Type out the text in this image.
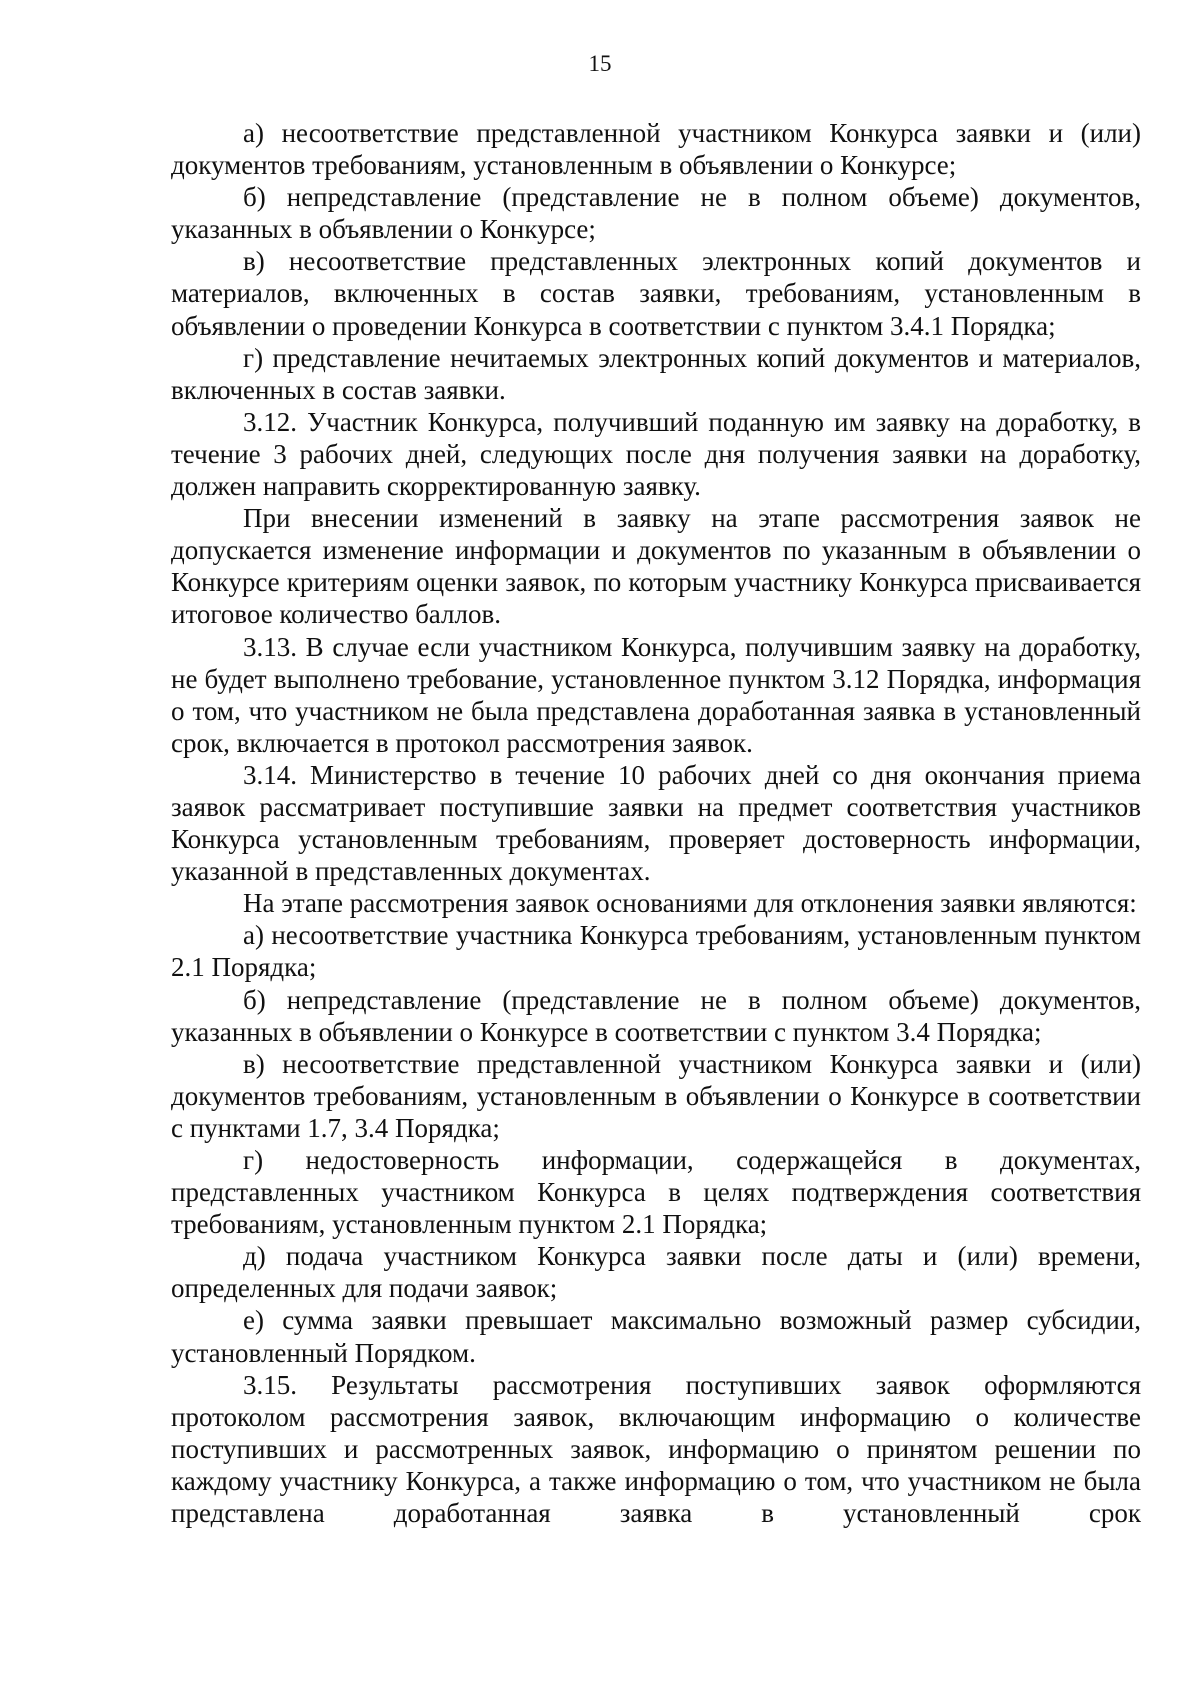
15

а) несоответствие представленной участником Конкурса заявки и (или) документов требованиям, установленным в объявлении о Конкурсе;

б) непредставление (представление не в полном объеме) документов, указанных в объявлении о Конкурсе;

в) несоответствие представленных электронных копий документов и материалов, включенных в состав заявки, требованиям, установленным в объявлении о проведении Конкурса в соответствии с пунктом 3.4.1 Порядка;

г) представление нечитаемых электронных копий документов и материалов, включенных в состав заявки.

3.12. Участник Конкурса, получивший поданную им заявку на доработку, в течение 3 рабочих дней, следующих после дня получения заявки на доработку, должен направить скорректированную заявку.

При внесении изменений в заявку на этапе рассмотрения заявок не допускается изменение информации и документов по указанным в объявлении о Конкурсе критериям оценки заявок, по которым участнику Конкурса присваивается итоговое количество баллов.

3.13. В случае если участником Конкурса, получившим заявку на доработку, не будет выполнено требование, установленное пунктом 3.12 Порядка, информация о том, что участником не была представлена доработанная заявка в установленный срок, включается в протокол рассмотрения заявок.

3.14. Министерство в течение 10 рабочих дней со дня окончания приема заявок рассматривает поступившие заявки на предмет соответствия участников Конкурса установленным требованиям, проверяет достоверность информации, указанной в представленных документах.

На этапе рассмотрения заявок основаниями для отклонения заявки являются:

а) несоответствие участника Конкурса требованиям, установленным пунктом 2.1 Порядка;

б) непредставление (представление не в полном объеме) документов, указанных в объявлении о Конкурсе в соответствии с пунктом 3.4 Порядка;

в) несоответствие представленной участником Конкурса заявки и (или) документов требованиям, установленным в объявлении о Конкурсе в соответствии с пунктами 1.7, 3.4 Порядка;

г) недостоверность информации, содержащейся в документах, представленных участником Конкурса в целях подтверждения соответствия требованиям, установленным пунктом 2.1 Порядка;

д) подача участником Конкурса заявки после даты и (или) времени, определенных для подачи заявок;

е) сумма заявки превышает максимально возможный размер субсидии, установленный Порядком.

3.15. Результаты рассмотрения поступивших заявок оформляются протоколом рассмотрения заявок, включающим информацию о количестве поступивших и рассмотренных заявок, информацию о принятом решении по каждому участнику Конкурса, а также информацию о том, что участником не была представлена доработанная заявка в установленный срок
